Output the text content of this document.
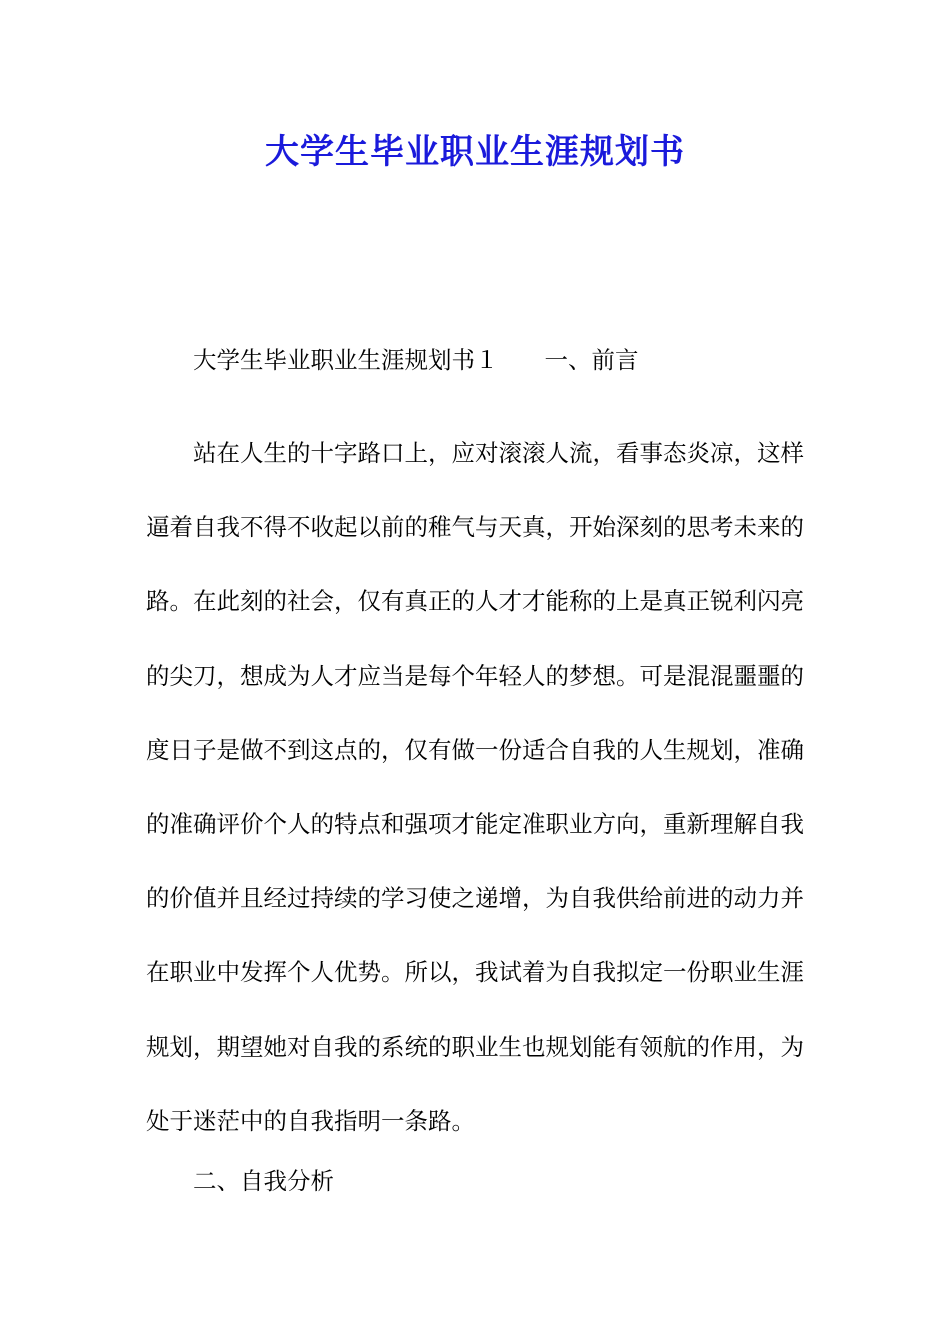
大学生毕业职业生涯规划书
大学生毕业职业生涯规划书１ 一、前言

站在人生的十字路口上，应对滚滚人流，看事态炎凉，这样逼着自我不得不收起以前的稚气与天真，开始深刻的思考未来的路。在此刻的社会，仅有真正的人才才能称的上是真正锐利闪亮的尖刀，想成为人才应当是每个年轻人的梦想。可是混混噩噩的度日子是做不到这点的，仅有做一份适合自我的人生规划，准确的准确评价个人的特点和强项才能定准职业方向，重新理解自我的价值并且经过持续的学习使之递增，为自我供给前进的动力并在职业中发挥个人优势。所以，我试着为自我拟定一份职业生涯规划，期望她对自我的系统的职业生也规划能有领航的作用，为处于迷茫中的自我指明一条路。

二、自我分析
